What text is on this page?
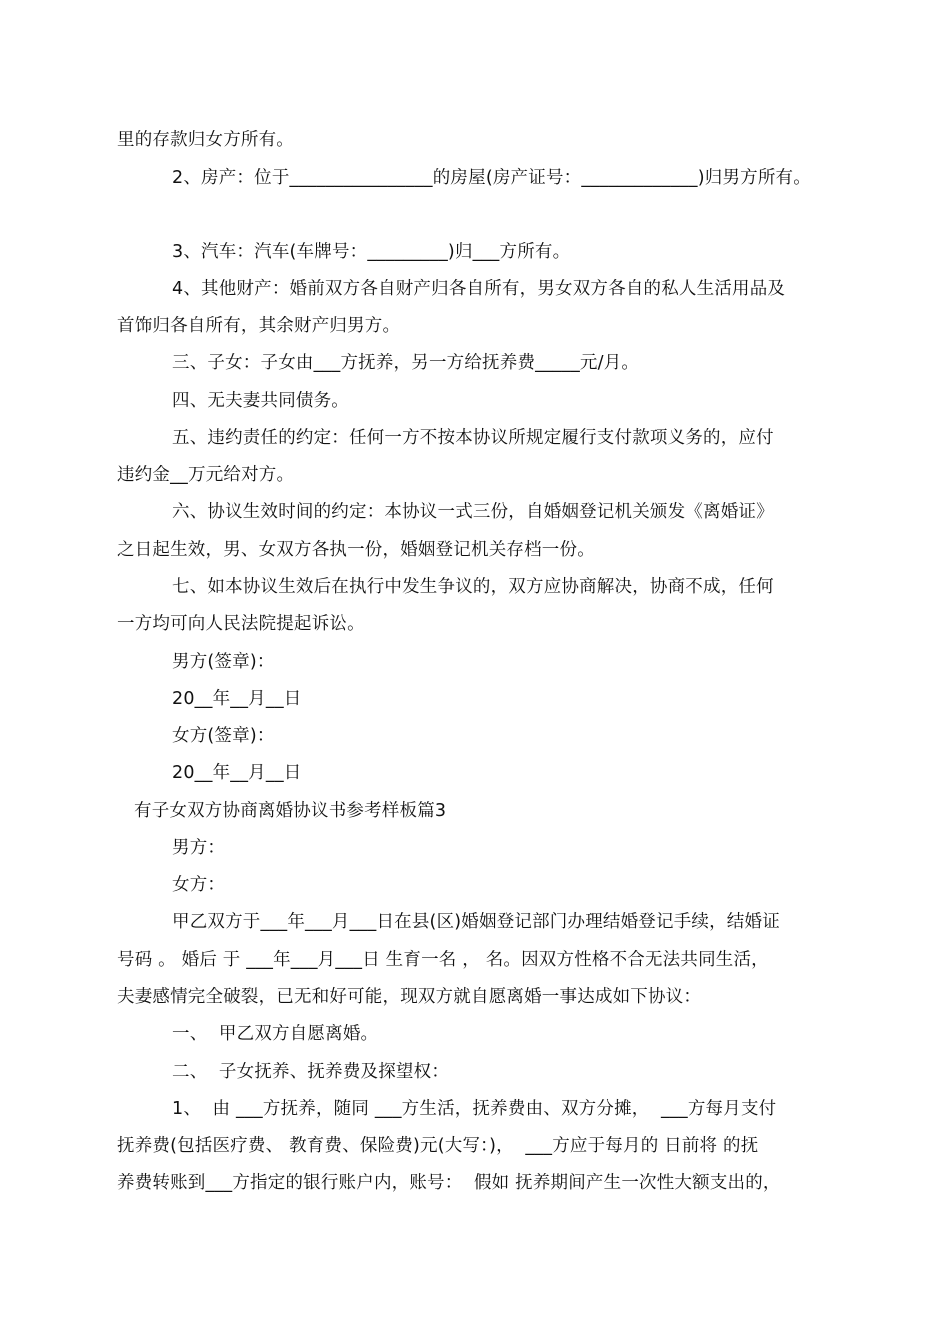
里的存款归女方所有。
2、房产：位于________________的房屋(房产证号：_____________)归男方所有。
3、汽车：汽车(车牌号：_________)归___方所有。
4、其他财产：婚前双方各自财产归各自所有，男女双方各自的私人生活用品及
首饰归各自所有，其余财产归男方。
三、子女：子女由___方抚养，另一方给抚养费_____元/月。
四、无夫妻共同债务。
五、违约责任的约定：任何一方不按本协议所规定履行支付款项义务的，应付
违约金__万元给对方。
六、协议生效时间的约定：本协议一式三份，自婚姻登记机关颁发《离婚证》
之日起生效，男、女双方各执一份，婚姻登记机关存档一份。
七、如本协议生效后在执行中发生争议的，双方应协商解决，协商不成，任何
一方均可向人民法院提起诉讼。
男方(签章)：
20__年__月__日
女方(签章)：
20__年__月__日
有子女双方协商离婚协议书参考样板篇3
男方：
女方：
甲乙双方于___年___月___日在县(区)婚姻登记部门办理结婚登记手续，结婚证
号码 。 婚后 于 ___年___月___日 生育一名 ， 名。因双方性格不合无法共同生活，
夫妻感情完全破裂，已无和好可能，现双方就自愿离婚一事达成如下协议：
一、  甲乙双方自愿离婚。
二、  子女抚养、抚养费及探望权：
1、  由 ___方抚养，随同 ___方生活，抚养费由、双方分摊，  ___方每月支付
抚养费(包括医疗费、 教育费、保险费)元(大写：)，  ___方应于每月的 日前将 的抚
养费转账到___方指定的银行账户内，账号：  假如 抚养期间产生一次性大额支出的，
